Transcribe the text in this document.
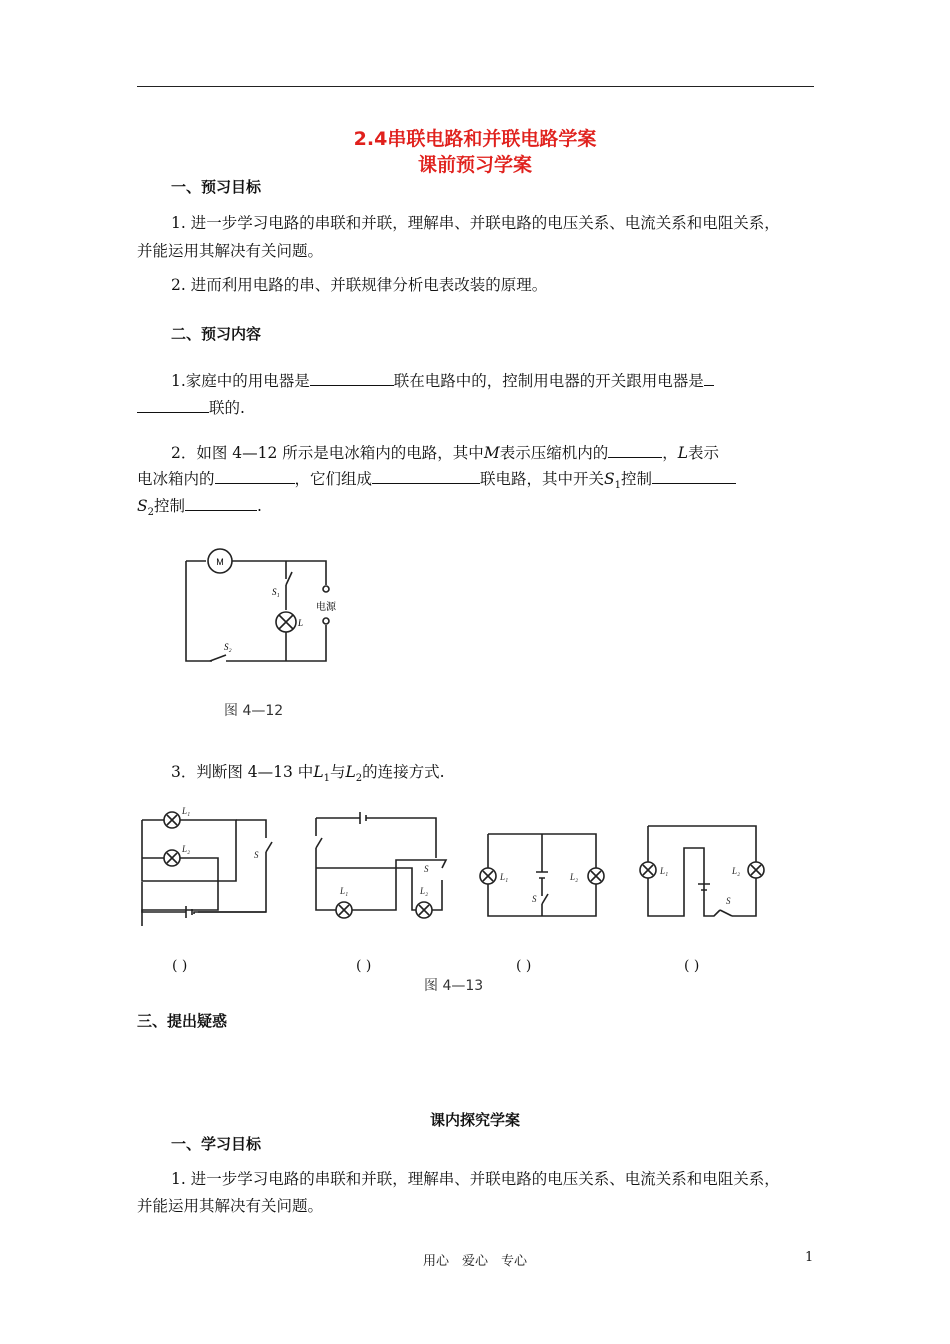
2.4串联电路和并联电路学案
课前预习学案
一、预习目标
1. 进一步学习电路的串联和并联，理解串、并联电路的电压关系、电流关系和电阻关系，
并能运用其解决有关问题。
2. 进而利用电路的串、并联规律分析电表改装的原理。
二、预习内容
1.家庭中的用电器是	联在电路中的，控制用电器的开关跟用电器是
联的.
2．如图 4—12 所示是电冰箱内的电路，其中M表示压缩机内的	，L表示
电冰箱内的	，它们组成	联电路，其中开关$S_1$控制
$S_2$控制	.
M
S₁
L
电源
S₂
图 4—12
3．判断图 4—13 中$L_1$与$L_2$的连接方式.
L₁
L₂
S
L₁	L₂
S
L₁	L₂
S
L₁	L₂
S
图 4—13
( )	( )	( )	( )
三、提出疑惑
课内探究学案
一、学习目标
1. 进一步学习电路的串联和并联，理解串、并联电路的电压关系、电流关系和电阻关系，
并能运用其解决有关问题。
用心　爱心　专心	1
